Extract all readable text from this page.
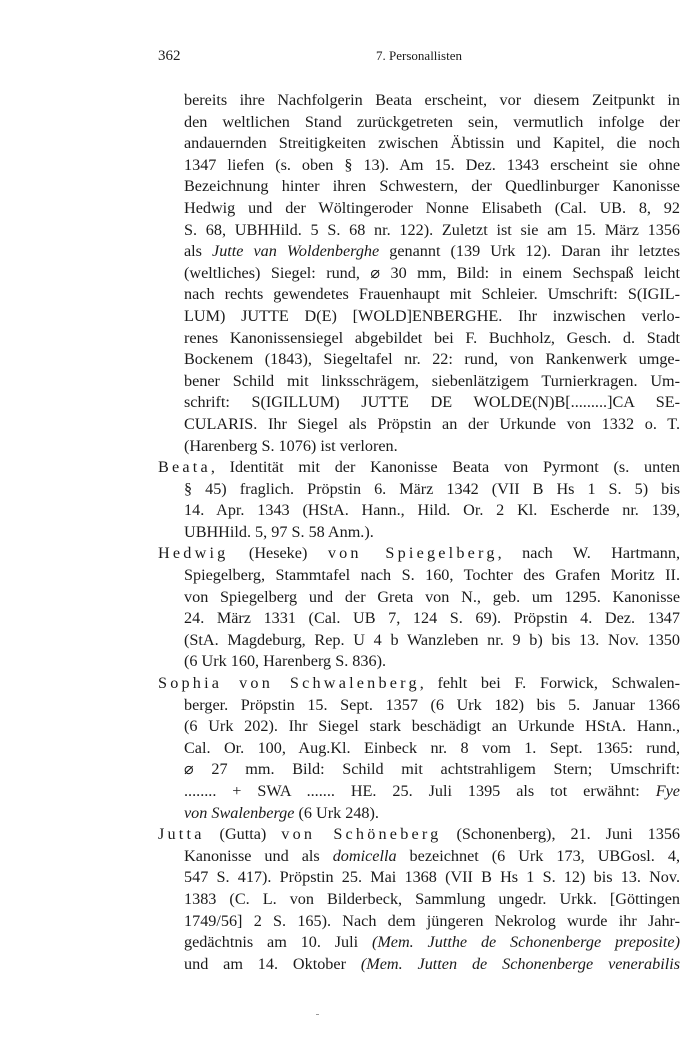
362	7. Personallisten
bereits ihre Nachfolgerin Beata erscheint, vor diesem Zeitpunkt in
den weltlichen Stand zurückgetreten sein, vermutlich infolge der
andauernden Streitigkeiten zwischen Äbtissin und Kapitel, die noch
1347 liefen (s. oben § 13). Am 15. Dez. 1343 erscheint sie ohne
Bezeichnung hinter ihren Schwestern, der Quedlinburger Kanonisse
Hedwig und der Wöltingeroder Nonne Elisabeth (Cal. UB. 8, 92
S. 68, UBHHild. 5 S. 68 nr. 122). Zuletzt ist sie am 15. März 1356
als Jutte van Woldenberghe genannt (139 Urk 12). Daran ihr letztes
(weltliches) Siegel: rund, ⌀ 30 mm, Bild: in einem Sechspaß leicht
nach rechts gewendetes Frauenhaupt mit Schleier. Umschrift: S(IGIL-
LUM) JUTTE D(E) [WOLD]ENBERGHE. Ihr inzwischen verlo-
renes Kanonissensiegel abgebildet bei F. Buchholz, Gesch. d. Stadt
Bockenem (1843), Siegeltafel nr. 22: rund, von Rankenwerk umge-
bener Schild mit linksschrägem, siebenlätzigem Turnierkragen. Um-
schrift: S(IGILLUM) JUTTE DE WOLDE(N)B[.........]CA SE-
CULARIS. Ihr Siegel als Pröpstin an der Urkunde von 1332 o. T.
(Harenberg S. 1076) ist verloren.
Beata, Identität mit der Kanonisse Beata von Pyrmont (s. unten
§ 45) fraglich. Pröpstin 6. März 1342 (VII B Hs 1 S. 5) bis
14. Apr. 1343 (HStA. Hann., Hild. Or. 2 Kl. Escherde nr. 139,
UBHHild. 5, 97 S. 58 Anm.).
Hedwig (Heseke) von Spiegelberg, nach W. Hartmann,
Spiegelberg, Stammtafel nach S. 160, Tochter des Grafen Moritz II.
von Spiegelberg und der Greta von N., geb. um 1295. Kanonisse
24. März 1331 (Cal. UB 7, 124 S. 69). Pröpstin 4. Dez. 1347
(StA. Magdeburg, Rep. U 4 b Wanzleben nr. 9 b) bis 13. Nov. 1350
(6 Urk 160, Harenberg S. 836).
Sophia von Schwalenberg, fehlt bei F. Forwick, Schwalen-
berger. Pröpstin 15. Sept. 1357 (6 Urk 182) bis 5. Januar 1366
(6 Urk 202). Ihr Siegel stark beschädigt an Urkunde HStA. Hann.,
Cal. Or. 100, Aug.Kl. Einbeck nr. 8 vom 1. Sept. 1365: rund,
⌀ 27 mm. Bild: Schild mit achtstrahligem Stern; Umschrift:
........ + SWA ....... HE. 25. Juli 1395 als tot erwähnt: Fye
von Swalenberge (6 Urk 248).
Jutta (Gutta) von Schöneberg (Schonenberg), 21. Juni 1356
Kanonisse und als domicella bezeichnet (6 Urk 173, UBGosl. 4,
547 S. 417). Pröpstin 25. Mai 1368 (VII B Hs 1 S. 12) bis 13. Nov.
1383 (C. L. von Bilderbeck, Sammlung ungedr. Urkk. [Göttingen
1749/56] 2 S. 165). Nach dem jüngeren Nekrolog wurde ihr Jahr-
gedächtnis am 10. Juli (Mem. Jutthe de Schonenberge preposite)
und am 14. Oktober (Mem. Jutten de Schonenberge venerabilis
